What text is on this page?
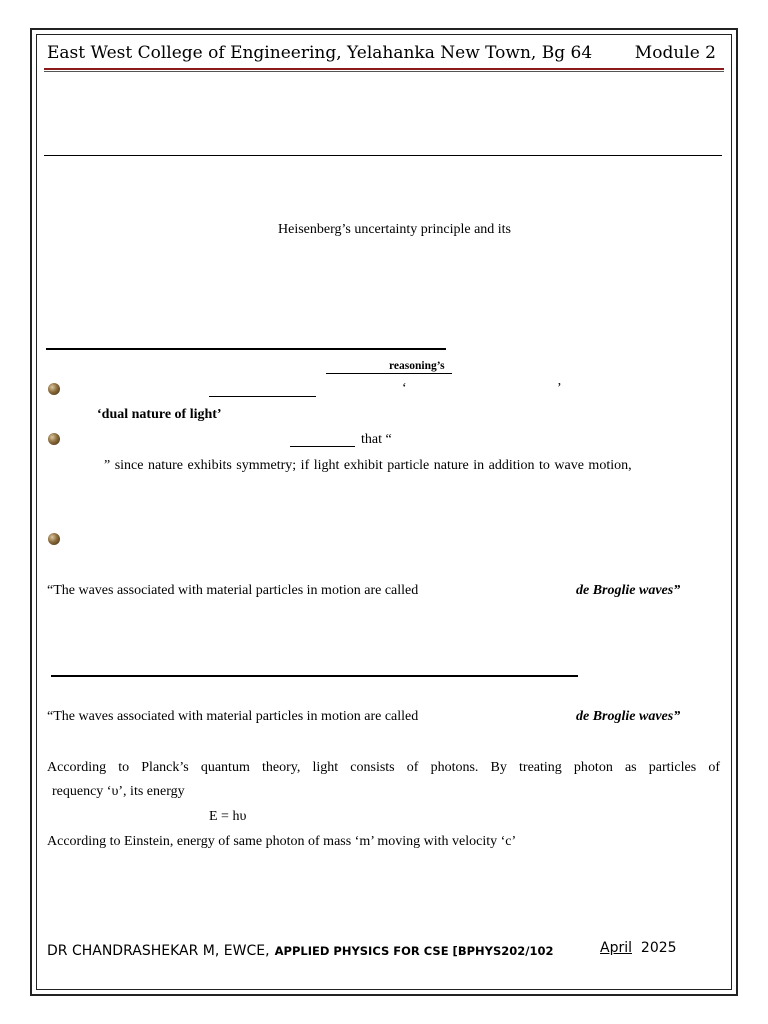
East West College of Engineering, Yelahanka New Town, Bg 64	Module 2
Heisenberg’s uncertainty principle and its
reasoning’s
‘	’
‘dual nature of light’
that “
” since nature exhibits symmetry; if light exhibit particle nature in addition to wave motion,
“The waves associated with material particles in motion are called	de Broglie waves”
“The waves associated with material particles in motion are called	de Broglie waves”
According to Planck’s quantum theory, light consists of photons. By treating photon as particles of
requency ‘υ’, its energy
E = hυ
According to Einstein, energy of same photon of mass ‘m’ moving with velocity ‘c’
DR CHANDRASHEKAR M, EWCE, APPLIED PHYSICS FOR CSE [BPHYS202/102	April 2025
